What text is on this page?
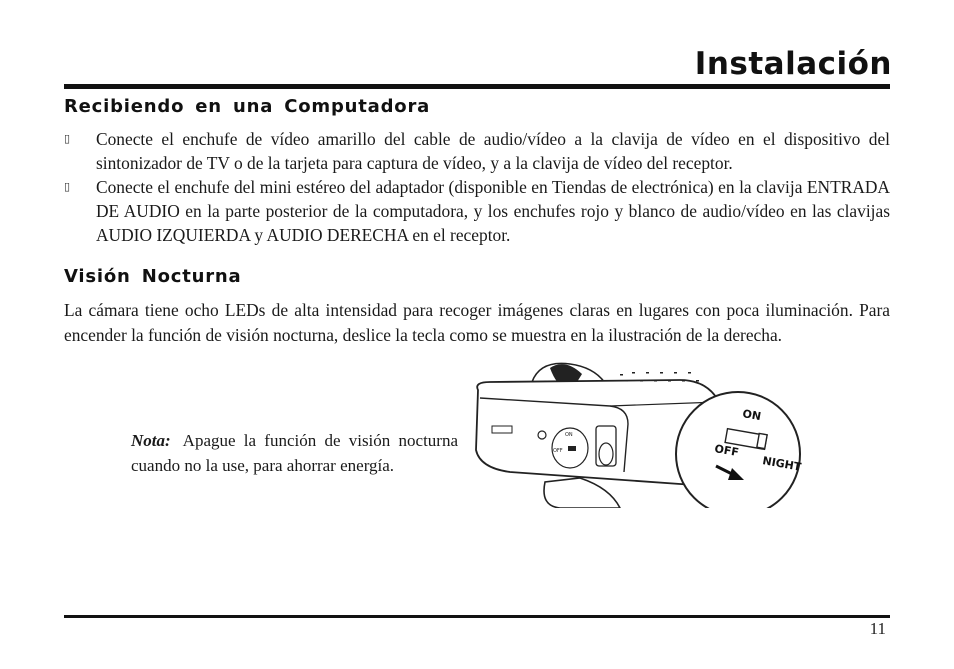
Instalación
Recibiendo en una Computadora
▯ Conecte el enchufe de vídeo amarillo del cable de audio/vídeo a la clavija de vídeo en el dispositivo del sintonizador de TV o de la tarjeta para captura de vídeo, y a la clavija de vídeo del receptor.
▯ Conecte el enchufe del mini estéreo del adaptador (disponible en Tiendas de electrónica) en la clavija ENTRADA DE AUDIO en la parte posterior de la computadora, y los enchufes rojo y blanco de audio/vídeo en las clavijas AUDIO IZQUIERDA y AUDIO DERECHA en el receptor.
Visión Nocturna

La cámara tiene ocho LEDs de alta intensidad para recoger imágenes claras en lugares con poca iluminación. Para encender la función de visión nocturna, deslice la tecla como se muestra en la ilustración de la derecha.

Nota: Apague la función de visión nocturna cuando no la use, para ahorrar energía.

ON
OFF
ON
OFF
NIGHT
11
